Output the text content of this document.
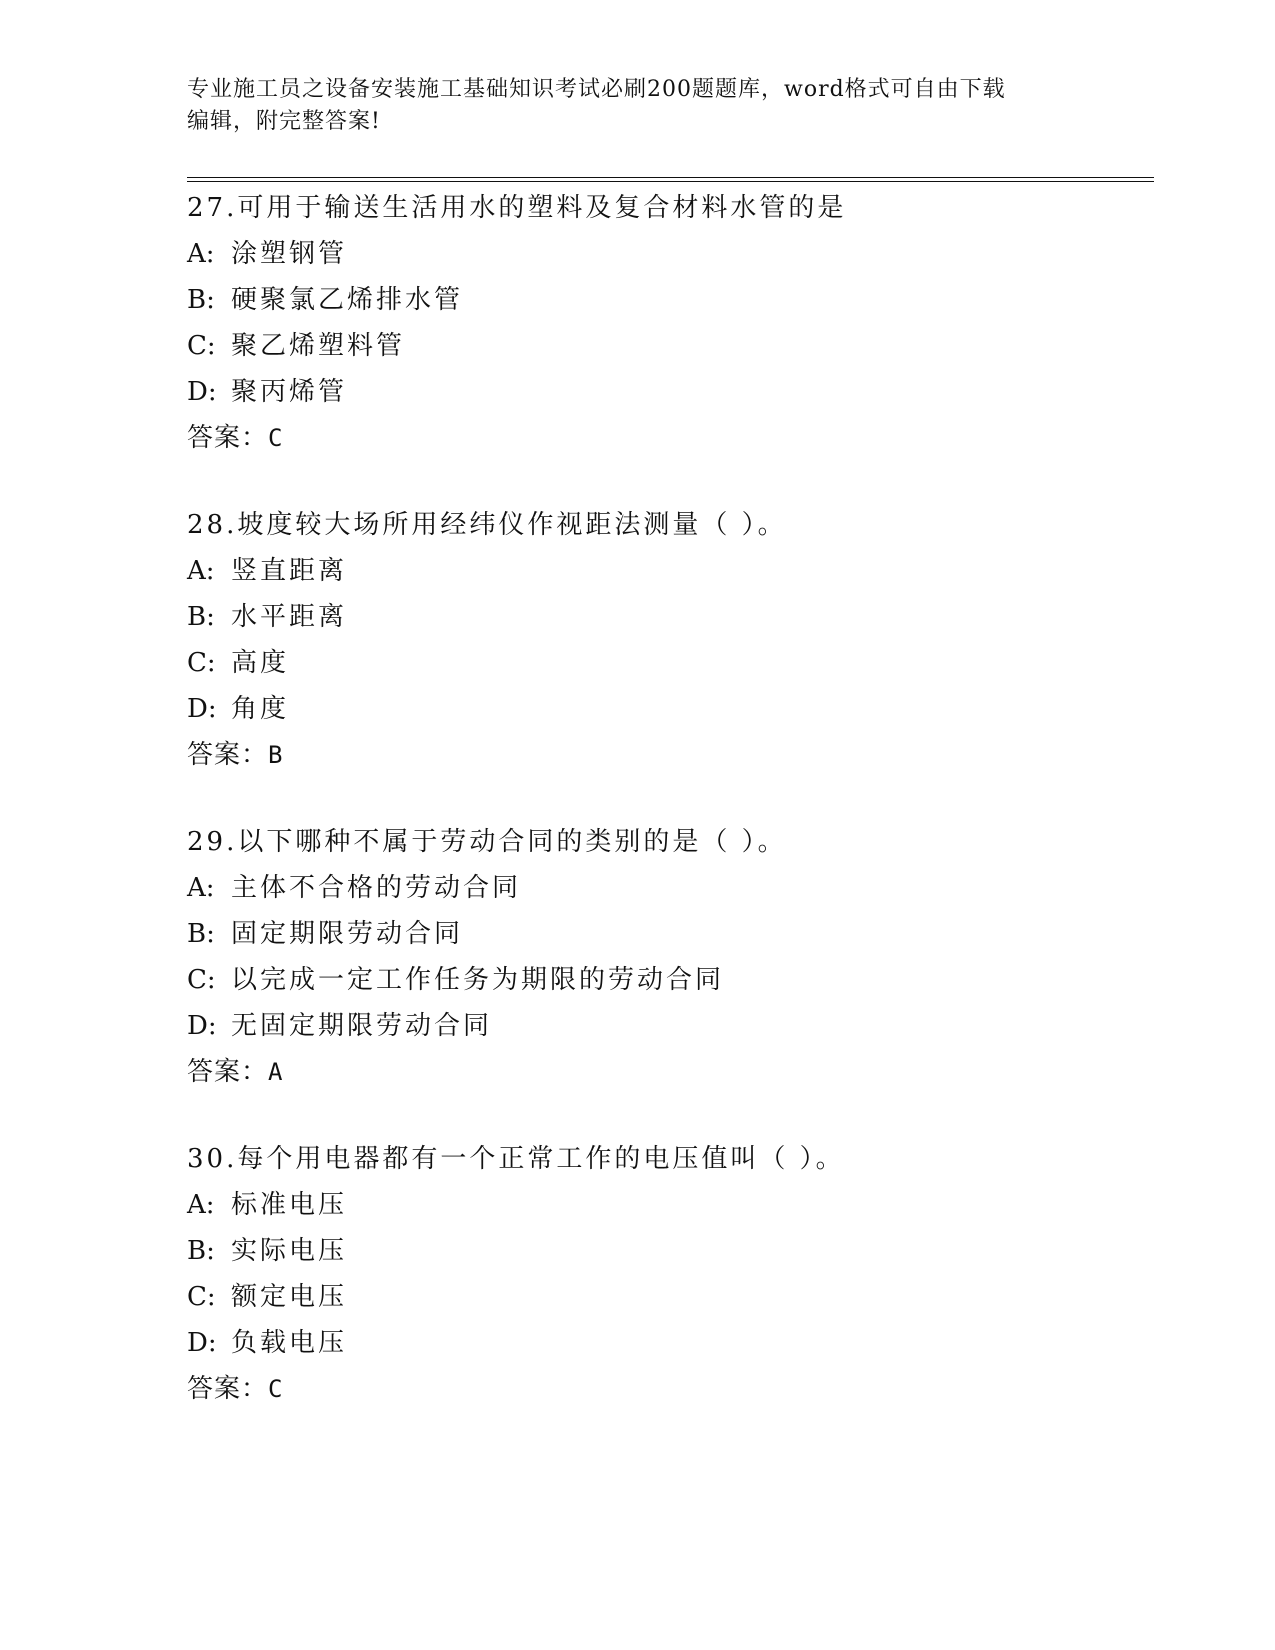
专业施工员之设备安装施工基础知识考试必刷200题题库，word格式可自由下载
编辑，附完整答案!
27.可用于输送生活用水的塑料及复合材料水管的是
A: 涂塑钢管
B: 硬聚氯乙烯排水管
C: 聚乙烯塑料管
D: 聚丙烯管
答案：C
28.坡度较大场所用经纬仪作视距法测量（ ）。
A: 竖直距离
B: 水平距离
C: 高度
D: 角度
答案：B
29.以下哪种不属于劳动合同的类别的是（ ）。
A: 主体不合格的劳动合同
B: 固定期限劳动合同
C: 以完成一定工作任务为期限的劳动合同
D: 无固定期限劳动合同
答案：A
30.每个用电器都有一个正常工作的电压值叫（ ）。
A: 标准电压
B: 实际电压
C: 额定电压
D: 负载电压
答案：C
